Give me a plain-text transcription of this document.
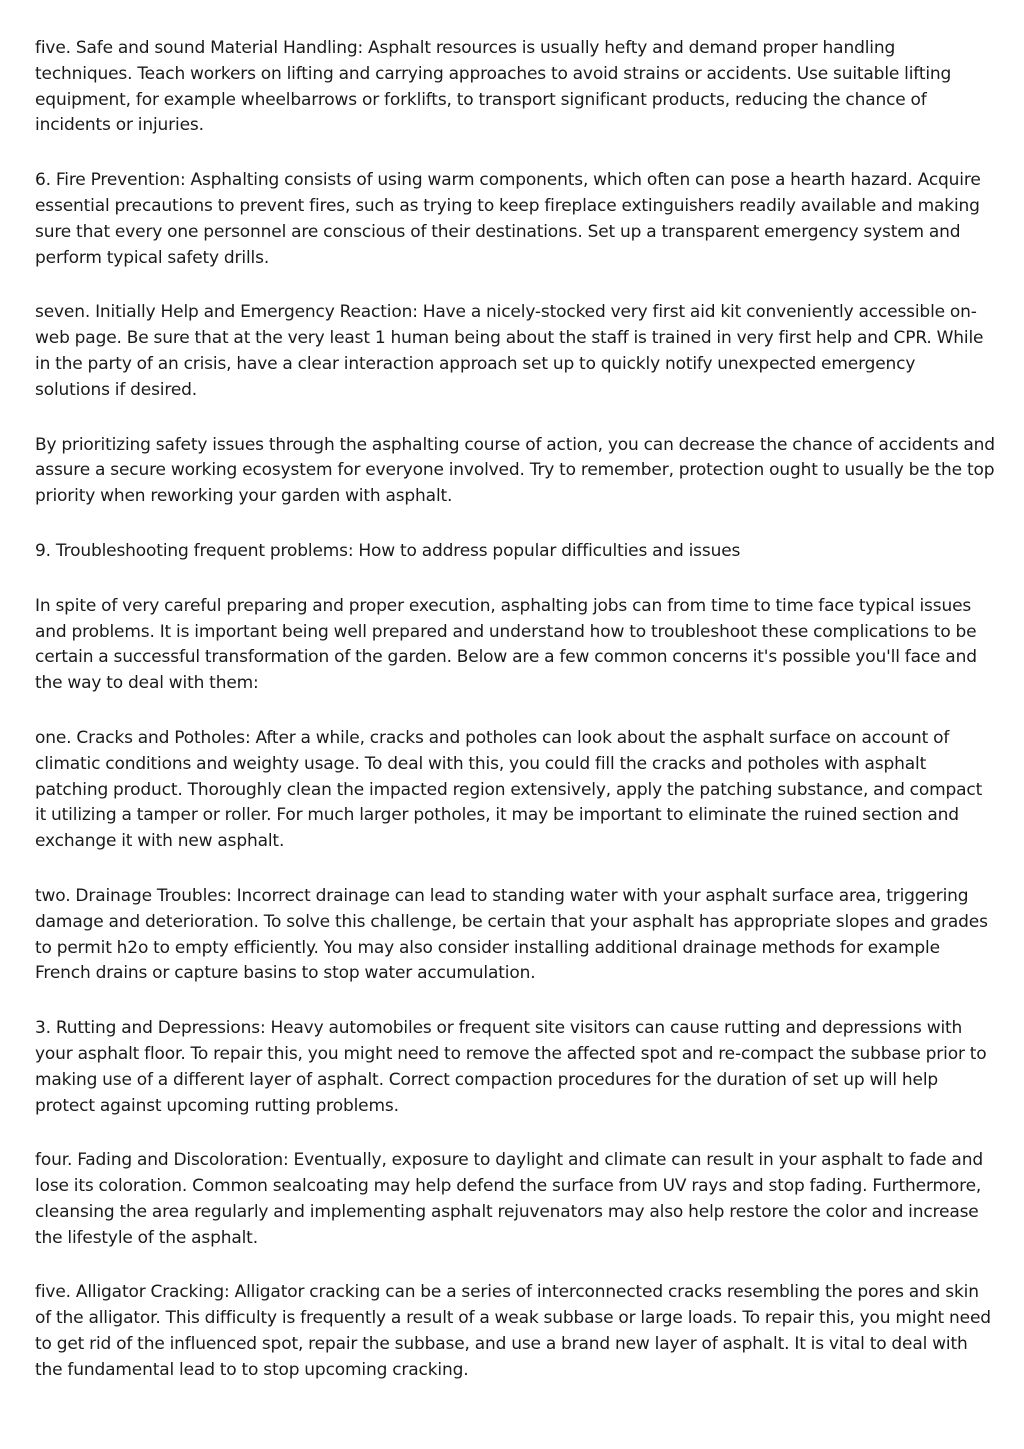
five. Safe and sound Material Handling: Asphalt resources is usually hefty and demand proper handling techniques. Teach workers on lifting and carrying approaches to avoid strains or accidents. Use suitable lifting equipment, for example wheelbarrows or forklifts, to transport significant products, reducing the chance of incidents or injuries.

6. Fire Prevention: Asphalting consists of using warm components, which often can pose a hearth hazard. Acquire essential precautions to prevent fires, such as trying to keep fireplace extinguishers readily available and making sure that every one personnel are conscious of their destinations. Set up a transparent emergency system and perform typical safety drills.

seven. Initially Help and Emergency Reaction: Have a nicely-stocked very first aid kit conveniently accessible on-web page. Be sure that at the very least 1 human being about the staff is trained in very first help and CPR. While in the party of an crisis, have a clear interaction approach set up to quickly notify unexpected emergency solutions if desired.

By prioritizing safety issues through the asphalting course of action, you can decrease the chance of accidents and assure a secure working ecosystem for everyone involved. Try to remember, protection ought to usually be the top priority when reworking your garden with asphalt.

9. Troubleshooting frequent problems: How to address popular difficulties and issues

In spite of very careful preparing and proper execution, asphalting jobs can from time to time face typical issues and problems. It is important being well prepared and understand how to troubleshoot these complications to be certain a successful transformation of the garden. Below are a few common concerns it's possible you'll face and the way to deal with them:

one. Cracks and Potholes: After a while, cracks and potholes can look about the asphalt surface on account of climatic conditions and weighty usage. To deal with this, you could fill the cracks and potholes with asphalt patching product. Thoroughly clean the impacted region extensively, apply the patching substance, and compact it utilizing a tamper or roller. For much larger potholes, it may be important to eliminate the ruined section and exchange it with new asphalt.

two. Drainage Troubles: Incorrect drainage can lead to standing water with your asphalt surface area, triggering damage and deterioration. To solve this challenge, be certain that your asphalt has appropriate slopes and grades to permit h2o to empty efficiently. You may also consider installing additional drainage methods for example French drains or capture basins to stop water accumulation.

3. Rutting and Depressions: Heavy automobiles or frequent site visitors can cause rutting and depressions with your asphalt floor. To repair this, you might need to remove the affected spot and re-compact the subbase prior to making use of a different layer of asphalt. Correct compaction procedures for the duration of set up will help protect against upcoming rutting problems.

four. Fading and Discoloration: Eventually, exposure to daylight and climate can result in your asphalt to fade and lose its coloration. Common sealcoating may help defend the surface from UV rays and stop fading. Furthermore, cleansing the area regularly and implementing asphalt rejuvenators may also help restore the color and increase the lifestyle of the asphalt.

five. Alligator Cracking: Alligator cracking can be a series of interconnected cracks resembling the pores and skin of the alligator. This difficulty is frequently a result of a weak subbase or large loads. To repair this, you might need to get rid of the influenced spot, repair the subbase, and use a brand new layer of asphalt. It is vital to deal with the fundamental lead to to stop upcoming cracking.
